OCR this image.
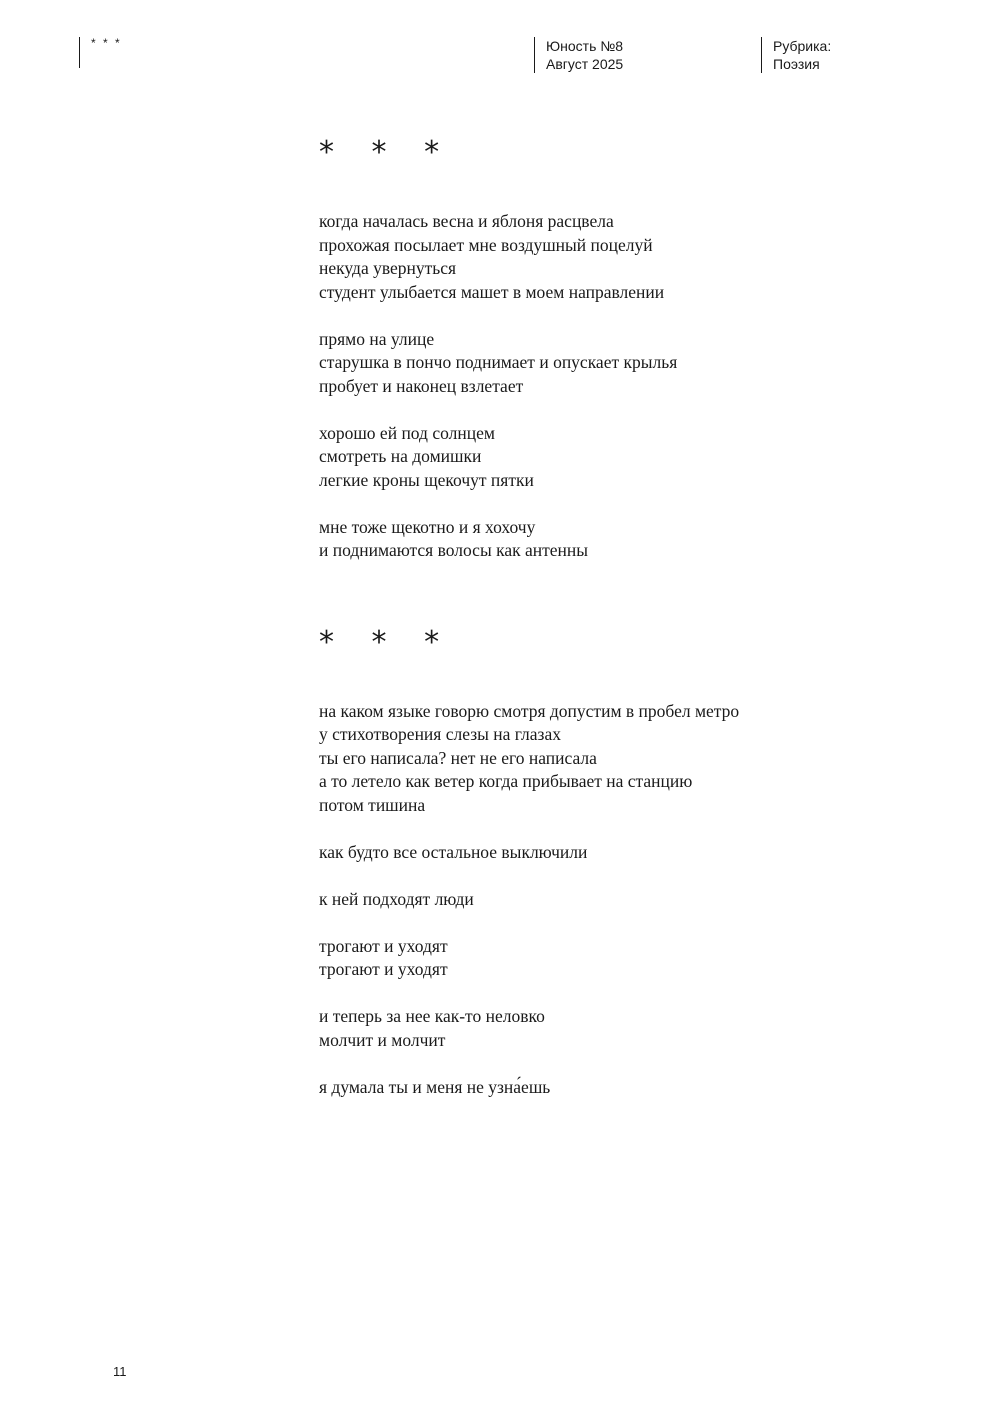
* * *	Юность №8
Август 2025
Рубрика:
Поэзия
* * *
когда началась весна и яблоня расцвела
прохожая посылает мне воздушный поцелуй
некуда увернуться
студент улыбается машет в моем направлении
прямо на улице
старушка в пончо поднимает и опускает крылья
пробует и наконец взлетает
хорошо ей под солнцем
смотреть на домишки
легкие кроны щекочут пятки
мне тоже щекотно и я хохочу
и поднимаются волосы как антенны
* * *
на каком языке говорю смотря допустим в пробел метро
у стихотворения слезы на глазах
ты его написала? нет не его написала
а то летело как ветер когда прибывает на станцию
потом тишина
как будто все остальное выключили
к ней подходят люди
трогают и уходят
трогают и уходят
и теперь за нее как-то неловко
молчит и молчит
я думала ты и меня не узна́ешь
11
